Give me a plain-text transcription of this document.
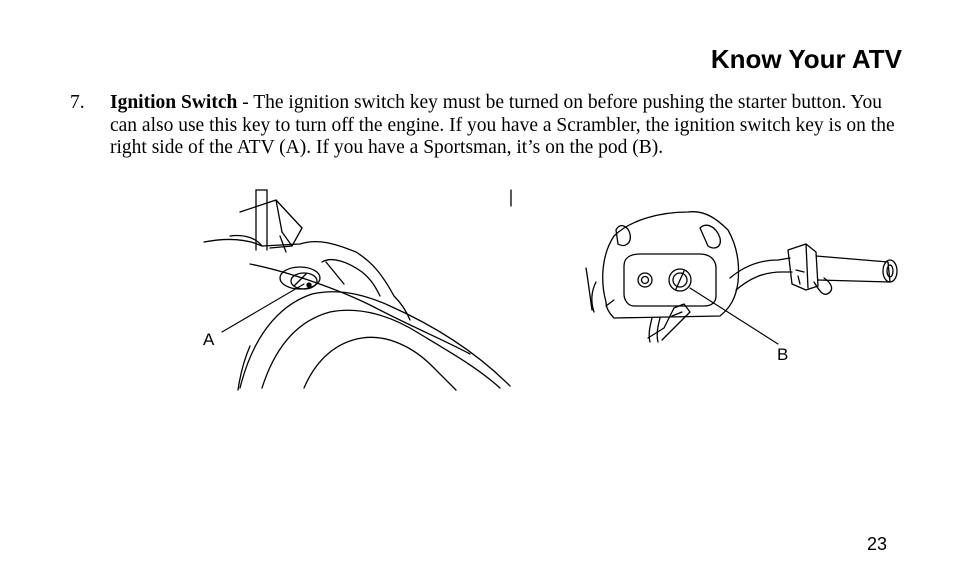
Know Your ATV
7. Ignition Switch - The ignition switch key must be turned on before pushing the starter button. You can also use this key to turn off the engine. If you have a Scrambler, the ignition switch key is on the right side of the ATV (A). If you have a Sportsman, it’s on the pod (B).
A
B
23
